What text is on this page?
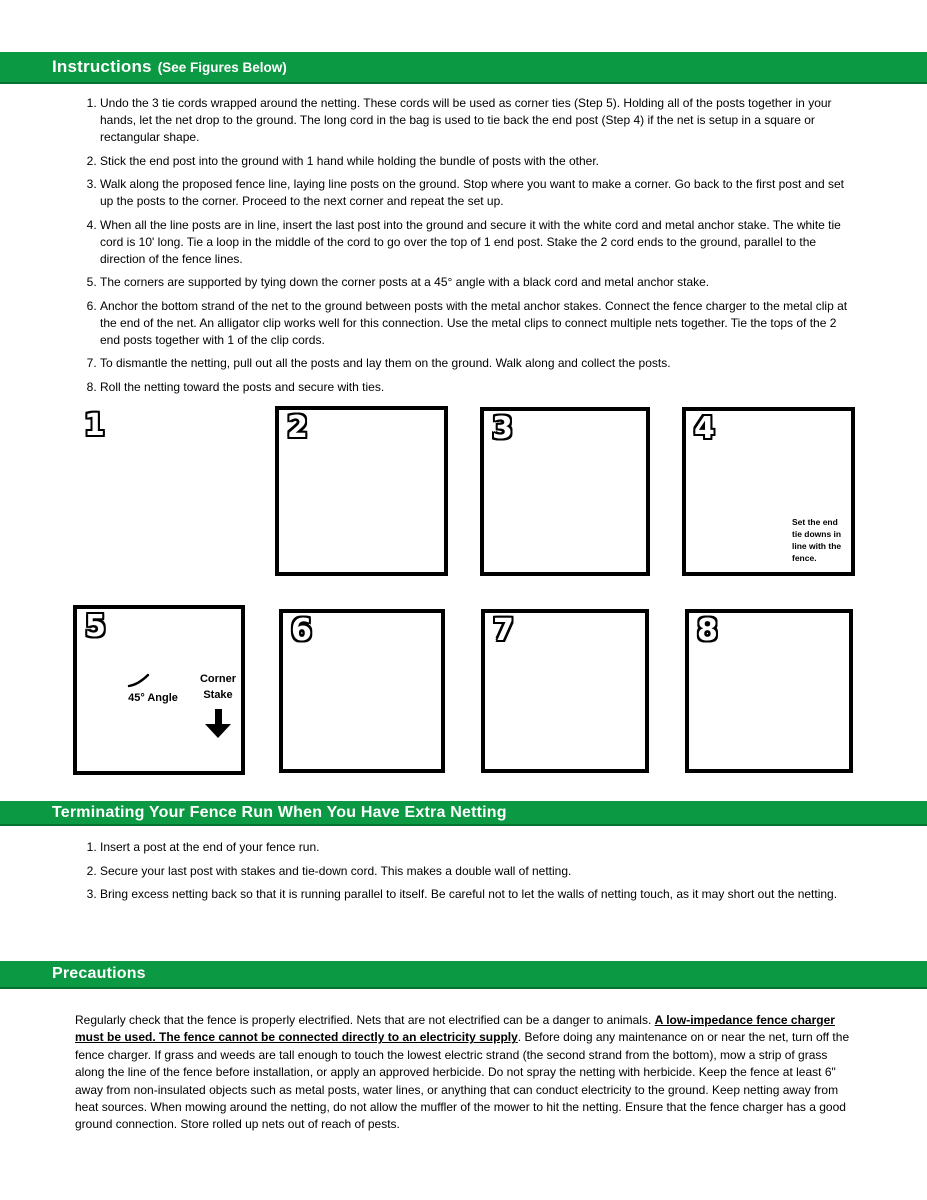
Instructions (See Figures Below)
1. Undo the 3 tie cords wrapped around the netting. These cords will be used as corner ties (Step 5). Holding all of the posts together in your hands, let the net drop to the ground. The long cord in the bag is used to tie back the end post (Step 4) if the net is setup in a square or rectangular shape.
2. Stick the end post into the ground with 1 hand while holding the bundle of posts with the other.
3. Walk along the proposed fence line, laying line posts on the ground. Stop where you want to make a corner. Go back to the first post and set up the posts to the corner. Proceed to the next corner and repeat the set up.
4. When all the line posts are in line, insert the last post into the ground and secure it with the white cord and metal anchor stake. The white tie cord is 10' long. Tie a loop in the middle of the cord to go over the top of 1 end post. Stake the 2 cord ends to the ground, parallel to the direction of the fence lines.
5. The corners are supported by tying down the corner posts at a 45° angle with a black cord and metal anchor stake.
6. Anchor the bottom strand of the net to the ground between posts with the metal anchor stakes. Connect the fence charger to the metal clip at the end of the net. An alligator clip works well for this connection. Use the metal clips to connect multiple nets together. Tie the tops of the 2 end posts together with 1 of the clip cords.
7. To dismantle the netting, pull out all the posts and lay them on the ground. Walk along and collect the posts.
8. Roll the netting toward the posts and secure with ties.
1	2	3	4
Set the end tie downs in line with the fence.
5
45° Angle
Corner Stake
6	7	8
Terminating Your Fence Run When You Have Extra Netting
1. Insert a post at the end of your fence run.
2. Secure your last post with stakes and tie-down cord. This makes a double wall of netting.
3. Bring excess netting back so that it is running parallel to itself. Be careful not to let the walls of netting touch, as it may short out the netting.
Precautions

Regularly check that the fence is properly electrified. Nets that are not electrified can be a danger to animals. A low-impedance fence charger must be used. The fence cannot be connected directly to an electricity supply. Before doing any maintenance on or near the net, turn off the fence charger. If grass and weeds are tall enough to touch the lowest electric strand (the second strand from the bottom), mow a strip of grass along the line of the fence before installation, or apply an approved herbicide. Do not spray the netting with herbicide. Keep the fence at least 6" away from non-insulated objects such as metal posts, water lines, or anything that can conduct electricity to the ground. Keep netting away from heat sources. When mowing around the netting, do not allow the muffler of the mower to hit the netting. Ensure that the fence charger has a good ground connection. Store rolled up nets out of reach of pests.
